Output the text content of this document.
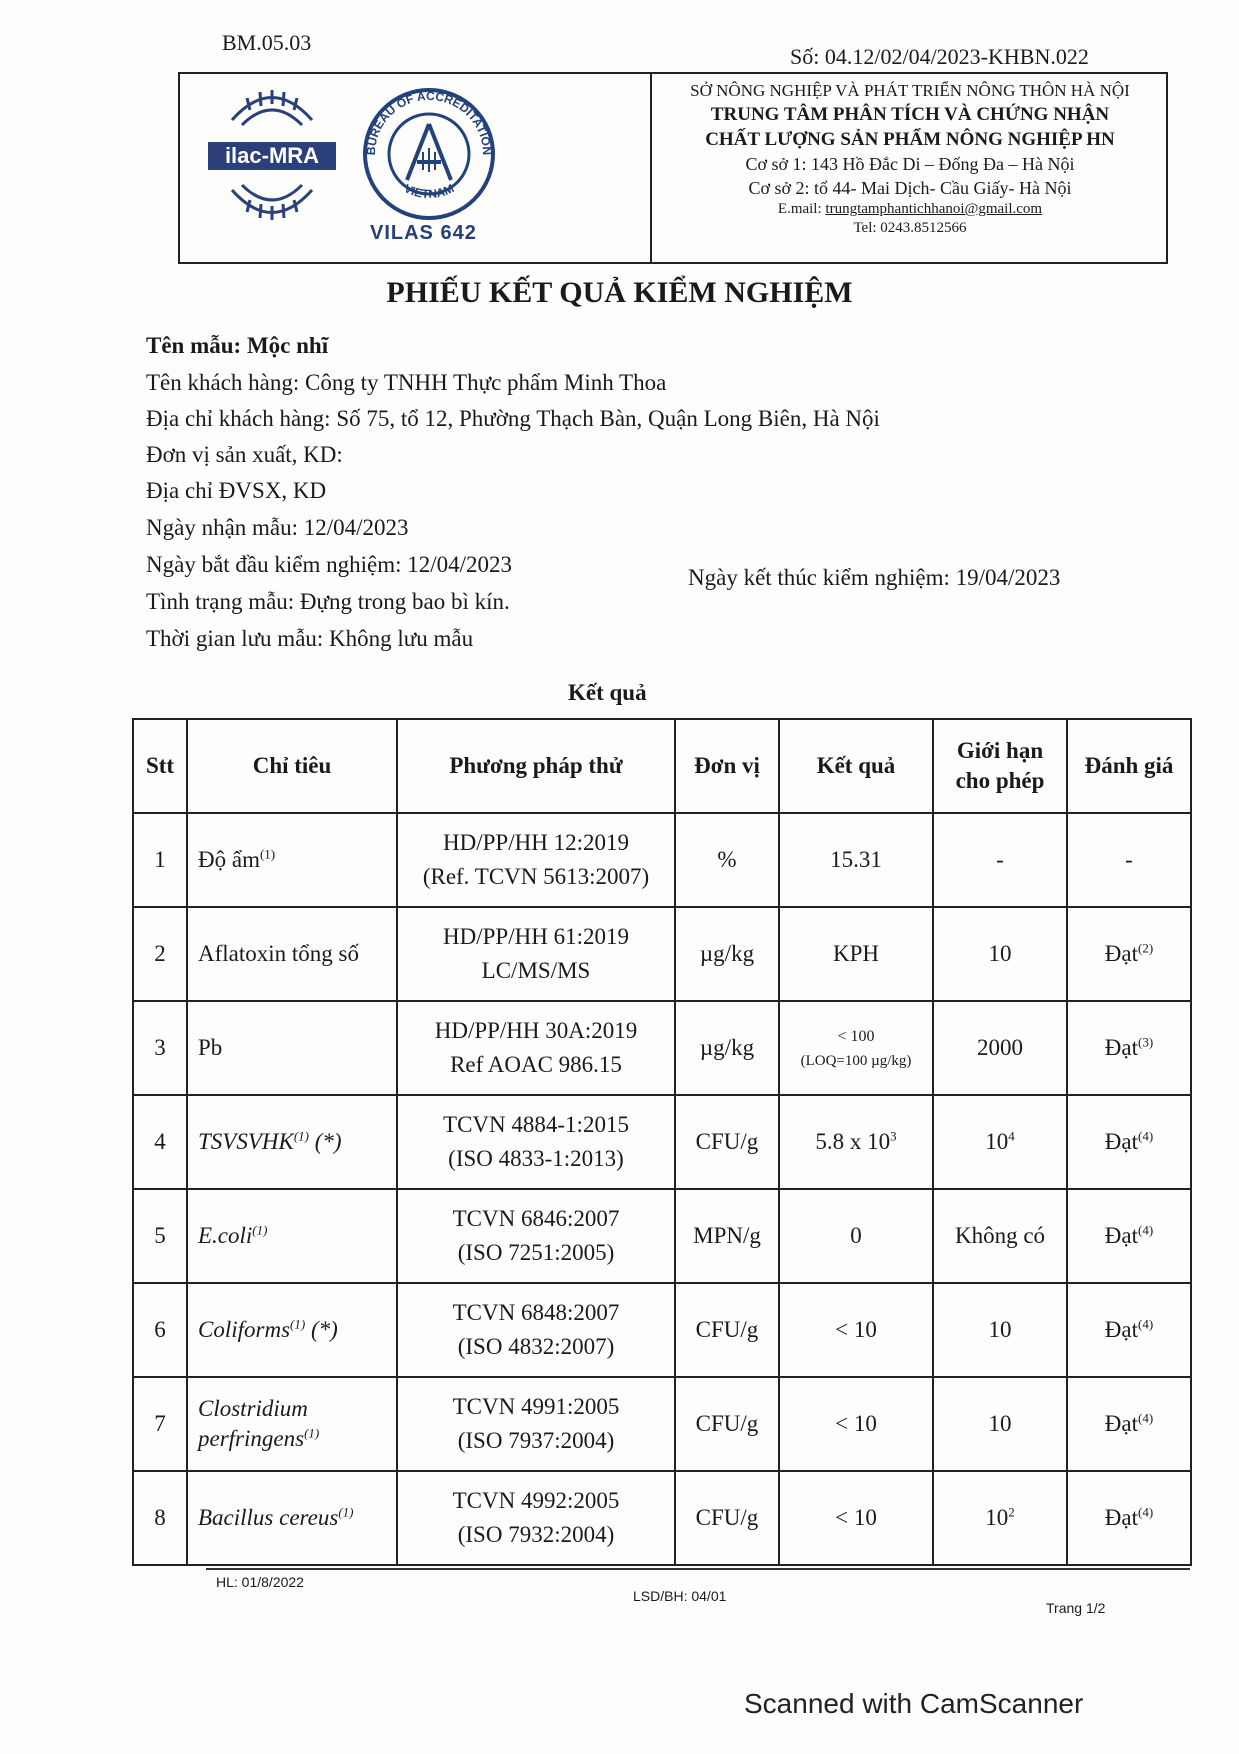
BM.05.03
Số: 04.12/02/04/2023-KHBN.022
ilac-MRA	BUREAU OF ACCREDITATION
VIETNAM
VILAS 642
SỞ NÔNG NGHIỆP VÀ PHÁT TRIỂN NÔNG THÔN HÀ NỘI
TRUNG TÂM PHÂN TÍCH VÀ CHỨNG NHẬN
CHẤT LƯỢNG SẢN PHẨM NÔNG NGHIỆP HN
Cơ sở 1: 143 Hồ Đắc Di – Đống Đa – Hà Nội
Cơ sở 2: tổ 44- Mai Dịch- Cầu Giấy- Hà Nội
E.mail: trungtamphantichhanoi@gmail.com
Tel: 0243.8512566
PHIẾU KẾT QUẢ KIỂM NGHIỆM
Tên mẫu: Mộc nhĩ
Tên khách hàng: Công ty TNHH Thực phẩm Minh Thoa
Địa chỉ khách hàng: Số 75, tổ 12, Phường Thạch Bàn, Quận Long Biên, Hà Nội
Đơn vị sản xuất, KD:
Địa chỉ ĐVSX, KD
Ngày nhận mẫu: 12/04/2023
Ngày bắt đầu kiểm nghiệm: 12/04/2023
Ngày kết thúc kiểm nghiệm: 19/04/2023
Tình trạng mẫu: Đựng trong bao bì kín.
Thời gian lưu mẫu: Không lưu mẫu
Kết quả
Stt	Chỉ tiêu	Phương pháp thử	Đơn vị	Kết quả	Giới hạn
cho phép	Đánh giá
1	Độ ẩm$^{(1)}$	HD/PP/HH 12:2019
(Ref. TCVN 5613:2007)	%	15.31	-	-
2	Aflatoxin tổng số	HD/PP/HH 61:2019
LC/MS/MS	µg/kg	KPH	10	Đạt$^{(2)}$
3	Pb	HD/PP/HH 30A:2019
Ref AOAC 986.15	µg/kg	< 100
(LOQ=100 µg/kg)	2000	Đạt$^{(3)}$
4	TSVSVHK$^{(1)}$ (*)	TCVN 4884-1:2015
(ISO 4833-1:2013)	CFU/g	5.8 x $10^3$	$10^4$	Đạt$^{(4)}$
5	E.coli$^{(1)}$	TCVN 6846:2007
(ISO 7251:2005)	MPN/g	0	Không có	Đạt$^{(4)}$
6	Coliforms$^{(1)}$ (*)	TCVN 6848:2007
(ISO 4832:2007)	CFU/g	< 10	10	Đạt$^{(4)}$
7	Clostridium perfringens$^{(1)}$	TCVN 4991:2005
(ISO 7937:2004)	CFU/g	< 10	10	Đạt$^{(4)}$
8	Bacillus cereus$^{(1)}$	TCVN 4992:2005
(ISO 7932:2004)	CFU/g	< 10	$10^2$	Đạt$^{(4)}$
HL: 01/8/2022
LSD/BH: 04/01
Trang 1/2
Scanned with CamScanner
